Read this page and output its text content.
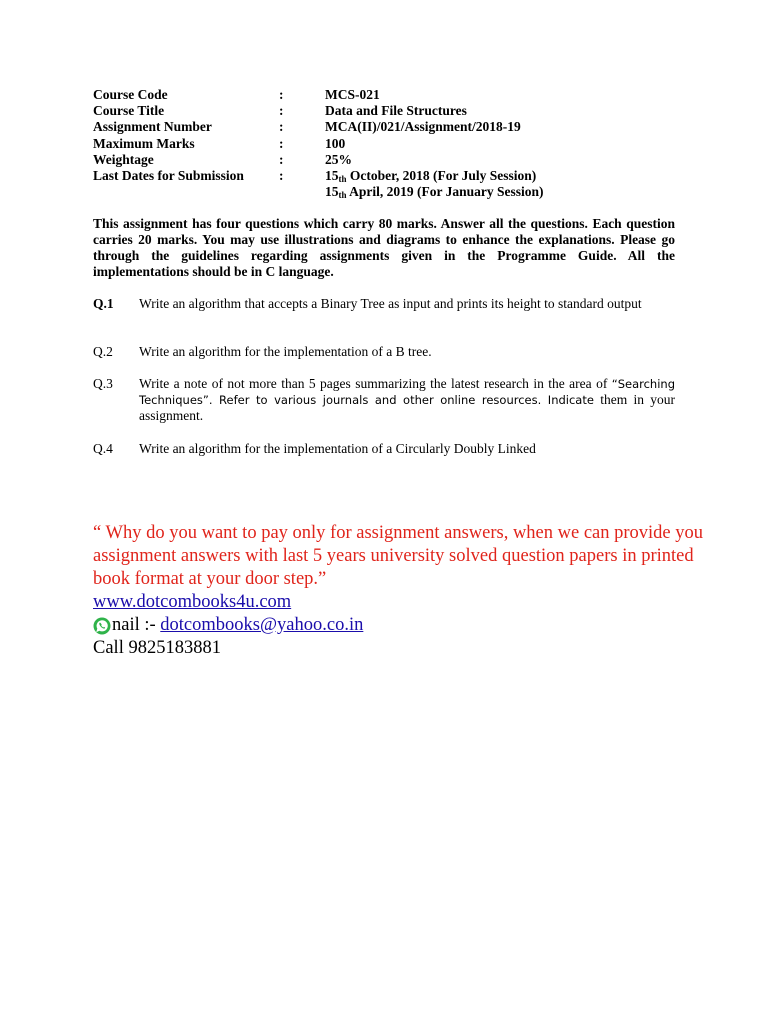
Course Code	:	MCS-021
Course Title	:	Data and File Structures
Assignment Number	:	MCA(II)/021/Assignment/2018-19
Maximum Marks	:	100
Weightage	:	25%
Last Dates for Submission	:	$15_{th}$ October, 2018 (For July Session)
$15_{th}$ April, 2019 (For January Session)

This assignment has four questions which carry 80 marks. Answer all the questions. Each question carries 20 marks. You may use illustrations and diagrams to enhance the explanations. Please go through the guidelines regarding assignments given in the Programme Guide. All the implementations should be in C language.

Q.1	Write an algorithm that accepts a Binary Tree as input and prints its height to standard output
Q.2	Write an algorithm for the implementation of a B tree.
Q.3	Write a note of not more than 5 pages summarizing the latest research in the area of “Searching Techniques”. Refer to various journals and other online resources. Indicate them in your assignment.
Q.4	Write an algorithm for the implementation of a Circularly Doubly Linked

“ Why do you want to pay only for assignment answers, when we can provide you assignment answers with last 5 years university solved question papers in printed book format at your door step.”

www.dotcombooks4u.com
nail :-
dotcombooks@yahoo.co.in
Call 9825183881
